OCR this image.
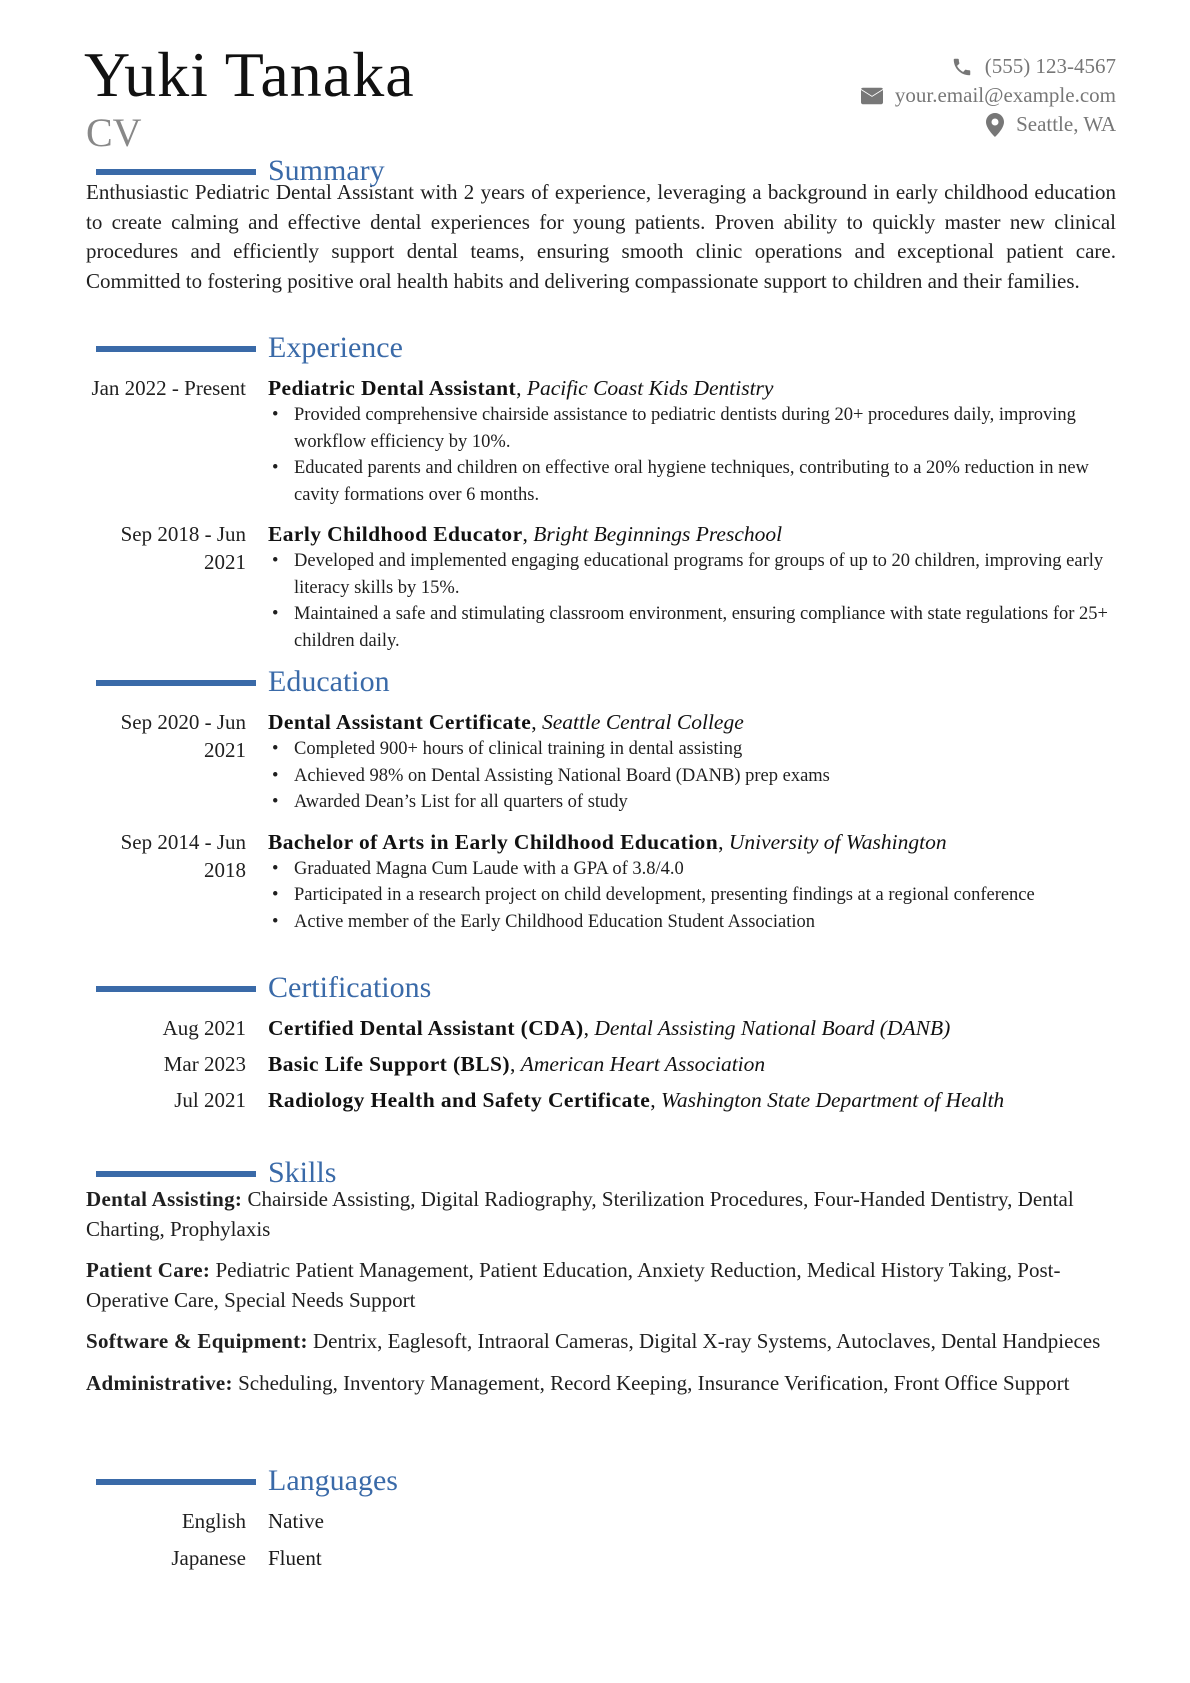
Yuki Tanaka
CV
(555) 123-4567
your.email@example.com
Seattle, WA
Summary

Enthusiastic Pediatric Dental Assistant with 2 years of experience, leveraging a background in early childhood education to create calming and effective dental experiences for young patients. Proven ability to quickly master new clinical procedures and efficiently support dental teams, ensuring smooth clinic operations and exceptional patient care. Committed to fostering positive oral health habits and delivering compassionate support to children and their families.

Experience
Jan 2022 - Present Pediatric Dental Assistant, Pacific Coast Kids Dentistry
• Provided comprehensive chairside assistance to pediatric dentists during 20+ procedures daily, improving workflow efficiency by 10%.
• Educated parents and children on effective oral hygiene techniques, contributing to a 20% reduction in new cavity formations over 6 months.
Sep 2018 - Jun 2021
Early Childhood Educator, Bright Beginnings Preschool
• Developed and implemented engaging educational programs for groups of up to 20 children, improving early literacy skills by 15%.
• Maintained a safe and stimulating classroom environment, ensuring compliance with state regulations for 25+ children daily.
Education
Sep 2020 - Jun 2021
Dental Assistant Certificate, Seattle Central College
• Completed 900+ hours of clinical training in dental assisting
• Achieved 98% on Dental Assisting National Board (DANB) prep exams
• Awarded Dean’s List for all quarters of study
Sep 2014 - Jun 2018
Bachelor of Arts in Early Childhood Education, University of Washington
• Graduated Magna Cum Laude with a GPA of 3.8/4.0
• Participated in a research project on child development, presenting findings at a regional conference
• Active member of the Early Childhood Education Student Association
Certifications
Aug 2021 Certified Dental Assistant (CDA), Dental Assisting National Board (DANB)
Mar 2023 Basic Life Support (BLS), American Heart Association
Jul 2021 Radiology Health and Safety Certificate, Washington State Department of Health
Skills
Dental Assisting: Chairside Assisting, Digital Radiography, Sterilization Procedures, Four-Handed Dentistry, Dental Charting, Prophylaxis
Patient Care: Pediatric Patient Management, Patient Education, Anxiety Reduction, Medical History Taking, Post-Operative Care, Special Needs Support
Software & Equipment: Dentrix, Eaglesoft, Intraoral Cameras, Digital X-ray Systems, Autoclaves, Dental Handpieces
Administrative: Scheduling, Inventory Management, Record Keeping, Insurance Verification, Front Office Support
Languages
English	Native
Japanese	Fluent
